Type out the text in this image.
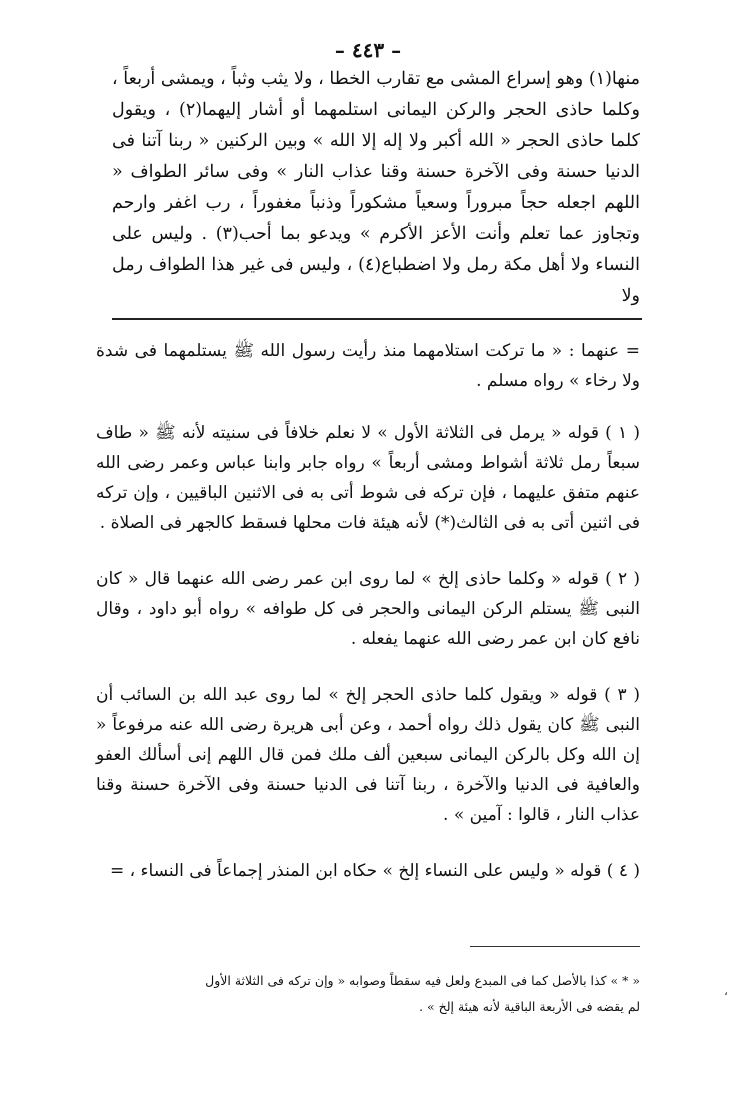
– ٤٤٣ –

منها(١) وهو إسراع المشى مع تقارب الخطا ، ولا يثب وثباً ، ويمشى أربعاً ، وكلما حاذى الحجر والركن اليمانى استلمهما أو أشار إليهما(٢) ، ويقول كلما حاذى الحجر « الله أكبر ولا إله إلا الله » وبين الركنين « ربنا آتنا فى الدنيا حسنة وفى الآخرة حسنة وقنا عذاب النار » وفى سائر الطواف « اللهم اجعله حجاً مبروراً وسعياً مشكوراً وذنباً مغفوراً ، رب اغفر وارحم وتجاوز عما تعلم وأنت الأعز الأكرم » ويدعو بما أحب(٣) . وليس على النساء ولا أهل مكة رمل ولا اضطباع(٤) ، وليس فى غير هذا الطواف رمل ولا

= عنهما : « ما تركت استلامهما منذ رأيت رسول الله ﷺ يستلمهما فى شدة ولا رخاء » رواه مسلم .

( ١ ) قوله « يرمل فى الثلاثة الأول » لا نعلم خلافاً فى سنيته لأنه ﷺ « طاف سبعاً رمل ثلاثة أشواط ومشى أربعاً » رواه جابر وابنا عباس وعمر رضى الله عنهم متفق عليهما ، فإن تركه فى شوط أتى به فى الاثنين الباقيين ، وإن تركه فى اثنين أتى به فى الثالث(*) لأنه هيئة فات محلها فسقط كالجهر فى الصلاة .

( ٢ ) قوله « وكلما حاذى إلخ » لما روى ابن عمر رضى الله عنهما قال « كان النبى ﷺ يستلم الركن اليمانى والحجر فى كل طوافه » رواه أبو داود ، وقال نافع كان ابن عمر رضى الله عنهما يفعله .

( ٣ ) قوله « ويقول كلما حاذى الحجر إلخ » لما روى عبد الله بن السائب أن النبى ﷺ كان يقول ذلك رواه أحمد ، وعن أبى هريرة رضى الله عنه مرفوعاً « إن الله وكل بالركن اليمانى سبعين ألف ملك فمن قال اللهم إنى أسألك العفو والعافية فى الدنيا والآخرة ، ربنا آتنا فى الدنيا حسنة وفى الآخرة حسنة وقنا عذاب النار ، قالوا : آمين » .

( ٤ ) قوله « وليس على النساء إلخ » حكاه ابن المنذر إجماعاً فى النساء ، =

« * » كذا بالأصل كما فى المبدع ولعل فيه سقطاً وصوابه « وإن تركه فى الثلاثة الأول

لم يقضه فى الأربعة الباقية لأنه هيئة إلخ » .

،
